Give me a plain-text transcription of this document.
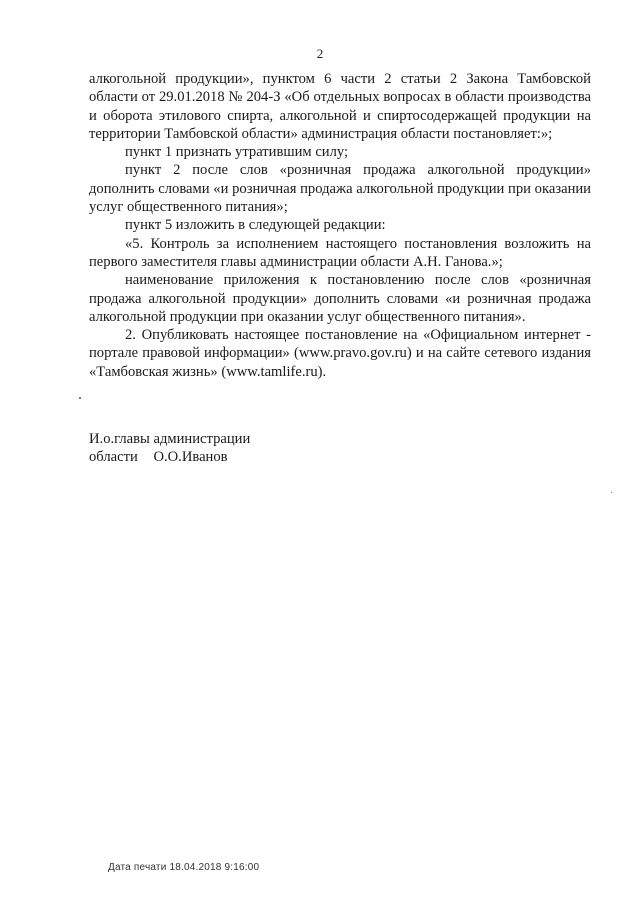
2

алкогольной продукции», пунктом 6 части 2 статьи 2 Закона Тамбовской области от 29.01.2018 № 204-З «Об отдельных вопросах в области производства и оборота этилового спирта, алкогольной и спиртосодержащей продукции на территории Тамбовской области» администрация области постановляет:»;

пункт 1 признать утратившим силу;

пункт 2 после слов «розничная продажа алкогольной продукции» дополнить словами «и розничная продажа алкогольной продукции при оказании услуг общественного питания»;

пункт 5 изложить в следующей редакции:

«5. Контроль за исполнением настоящего постановления возложить на первого заместителя главы администрации области А.Н. Ганова.»;

наименование приложения к постановлению после слов «розничная продажа алкогольной продукции» дополнить словами «и розничная продажа алкогольной продукции при оказании услуг общественного питания».

2. Опубликовать настоящее постановление на «Официальном интернет - портале правовой информации» (www.pravo.gov.ru) и на сайте сетевого издания «Тамбовская жизнь» (www.tamlife.ru).

И.о.главы администрации
области О.О.Иванов
Дата печати 18.04.2018 9:16:00
